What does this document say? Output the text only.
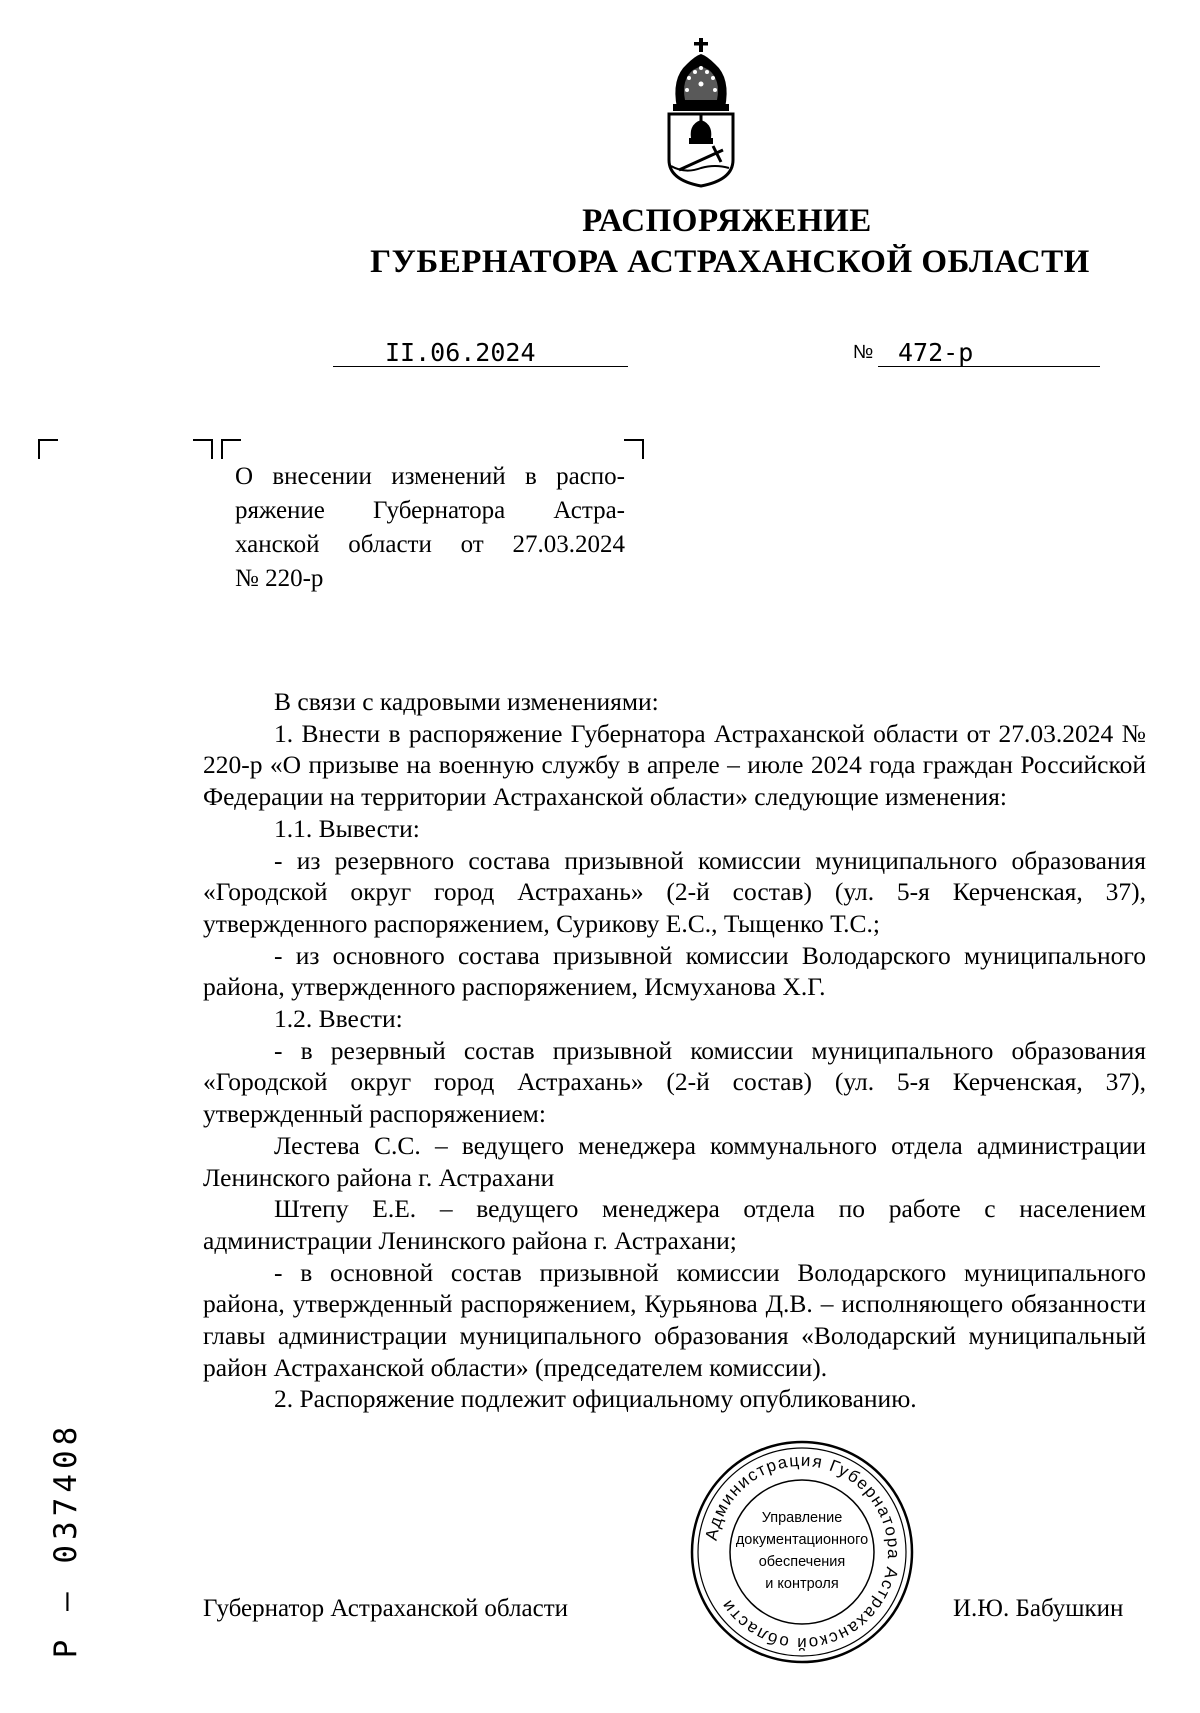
РАСПОРЯЖЕНИЕ
ГУБЕРНАТОРА АСТРАХАНСКОЙ ОБЛАСТИ
II.06.2024	№ 472-р

О внесении изменений в распо-

ряжение Губернатора Астра-

ханской области от 27.03.2024

№ 220-р

В связи с кадровыми изменениями:

1. Внести в распоряжение Губернатора Астраханской области от 27.03.2024 № 220-р «О призыве на военную службу в апреле – июле 2024 года граждан Российской Федерации на территории Астраханской области» следующие изменения:

1.1. Вывести:

- из резервного состава призывной комиссии муниципального образования «Городской округ город Астрахань» (2-й состав) (ул. 5-я Керченская, 37), утвержденного распоряжением, Сурикову Е.С., Тыщенко Т.С.;

- из основного состава призывной комиссии Володарского муниципального района, утвержденного распоряжением, Исмуханова Х.Г.

1.2. Ввести:

- в резервный состав призывной комиссии муниципального образования «Городской округ город Астрахань» (2-й состав) (ул. 5-я Керченская, 37), утвержденный распоряжением:

Лестева С.С. – ведущего менеджера коммунального отдела администрации Ленинского района г. Астрахани

Штепу Е.Е. – ведущего менеджера отдела по работе с населением администрации Ленинского района г. Астрахани;

- в основной состав призывной комиссии Володарского муниципального района, утвержденный распоряжением, Курьянова Д.В. – исполняющего обязанности главы администрации муниципального образования «Володарский муниципальный район Астраханской области» (председателем комиссии).

2. Распоряжение подлежит официальному опубликованию.

Администрация Губернатора Астраханской области
Управление
документационного
обеспечения
и контроля
Губернатор Астраханской области	И.Ю. Бабушкин
Р – 037408
